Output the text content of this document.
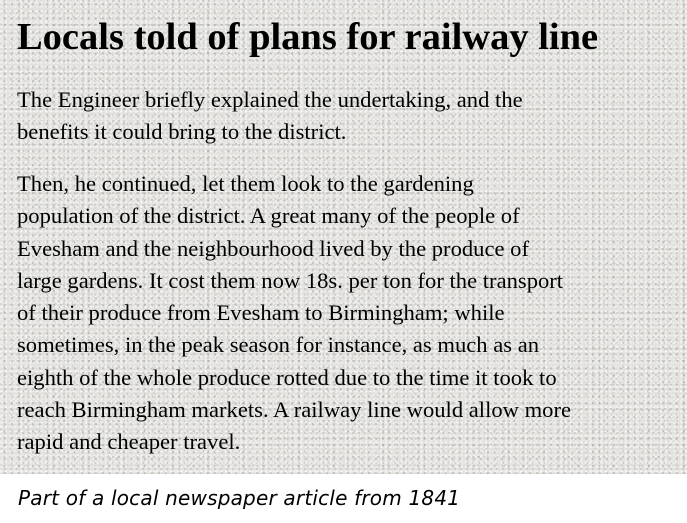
Locals told of plans for railway line

The Engineer briefly explained the undertaking, and the
benefits it could bring to the district.

Then, he continued, let them look to the gardening
population of the district. A great many of the people of
Evesham and the neighbourhood lived by the produce of
large gardens. It cost them now 18s. per ton for the transport
of their produce from Evesham to Birmingham; while
sometimes, in the peak season for instance, as much as an
eighth of the whole produce rotted due to the time it took to
reach Birmingham markets. A railway line would allow more
rapid and cheaper travel.

Part of a local newspaper article from 1841
